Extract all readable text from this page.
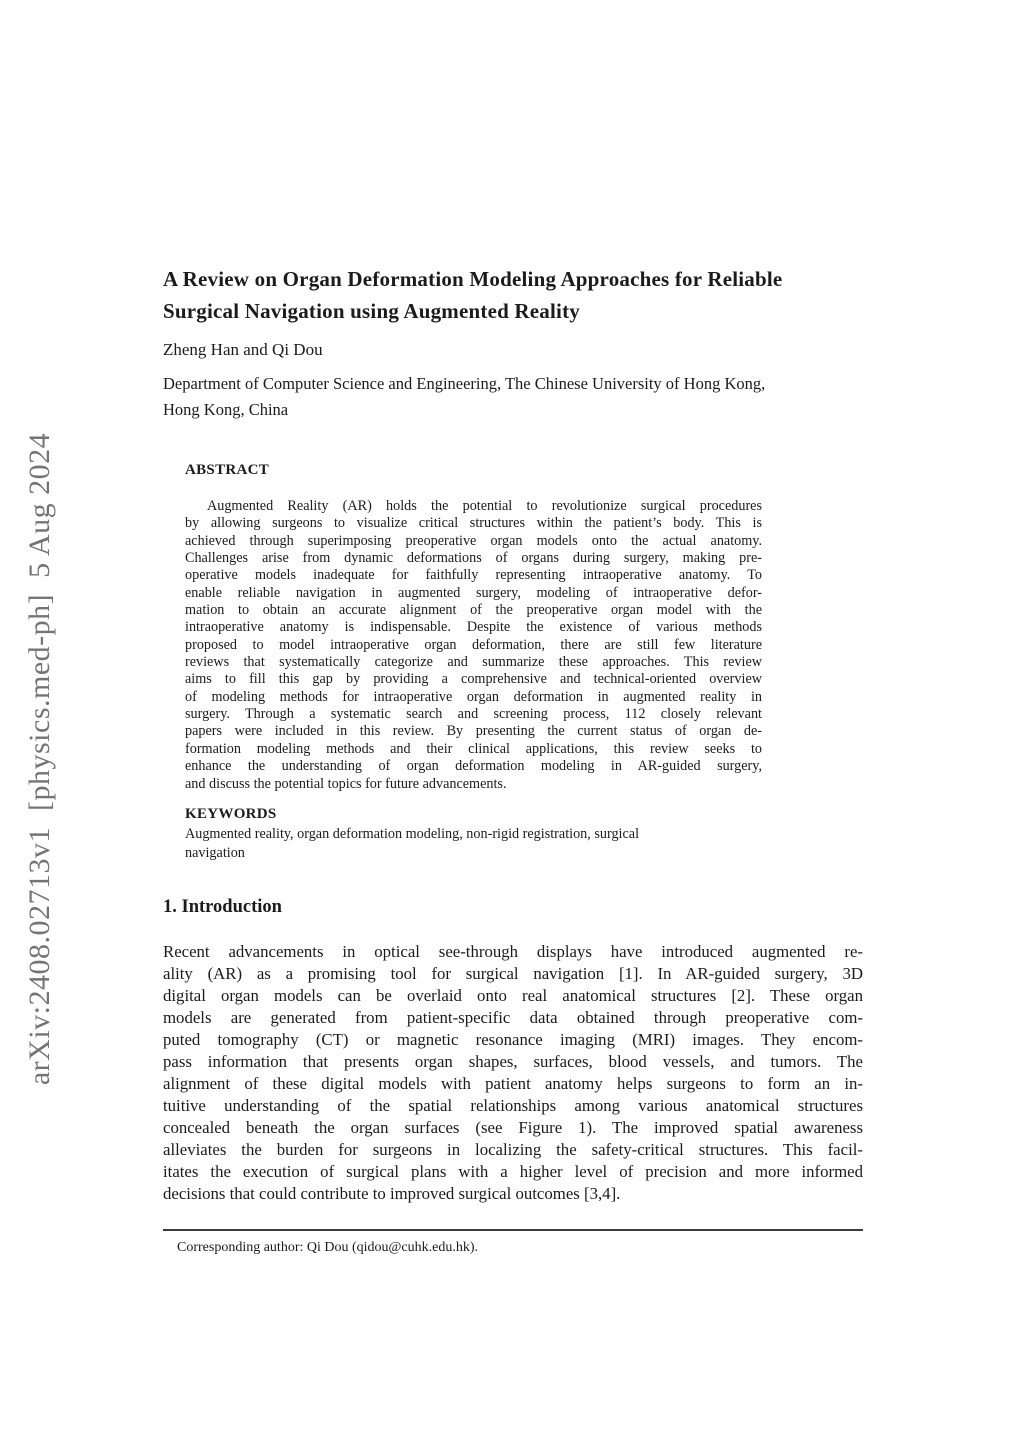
arXiv:2408.02713v1  [physics.med-ph]  5 Aug 2024
A Review on Organ Deformation Modeling Approaches for Reliable
Surgical Navigation using Augmented Reality
Zheng Han and Qi Dou
Department of Computer Science and Engineering, The Chinese University of Hong Kong,
Hong Kong, China
ABSTRACT
Augmented Reality (AR) holds the potential to revolutionize surgical procedures
by allowing surgeons to visualize critical structures within the patient’s body. This is
achieved through superimposing preoperative organ models onto the actual anatomy.
Challenges arise from dynamic deformations of organs during surgery, making pre-
operative models inadequate for faithfully representing intraoperative anatomy. To
enable reliable navigation in augmented surgery, modeling of intraoperative defor-
mation to obtain an accurate alignment of the preoperative organ model with the
intraoperative anatomy is indispensable. Despite the existence of various methods
proposed to model intraoperative organ deformation, there are still few literature
reviews that systematically categorize and summarize these approaches. This review
aims to fill this gap by providing a comprehensive and technical-oriented overview
of modeling methods for intraoperative organ deformation in augmented reality in
surgery. Through a systematic search and screening process, 112 closely relevant
papers were included in this review. By presenting the current status of organ de-
formation modeling methods and their clinical applications, this review seeks to
enhance the understanding of organ deformation modeling in AR-guided surgery,
and discuss the potential topics for future advancements.
KEYWORDS
Augmented reality, organ deformation modeling, non-rigid registration, surgical
navigation
1. Introduction
Recent advancements in optical see-through displays have introduced augmented re-
ality (AR) as a promising tool for surgical navigation [1]. In AR-guided surgery, 3D
digital organ models can be overlaid onto real anatomical structures [2]. These organ
models are generated from patient-specific data obtained through preoperative com-
puted tomography (CT) or magnetic resonance imaging (MRI) images. They encom-
pass information that presents organ shapes, surfaces, blood vessels, and tumors. The
alignment of these digital models with patient anatomy helps surgeons to form an in-
tuitive understanding of the spatial relationships among various anatomical structures
concealed beneath the organ surfaces (see Figure 1). The improved spatial awareness
alleviates the burden for surgeons in localizing the safety-critical structures. This facil-
itates the execution of surgical plans with a higher level of precision and more informed
decisions that could contribute to improved surgical outcomes [3,4].
Corresponding author: Qi Dou (qidou@cuhk.edu.hk).
